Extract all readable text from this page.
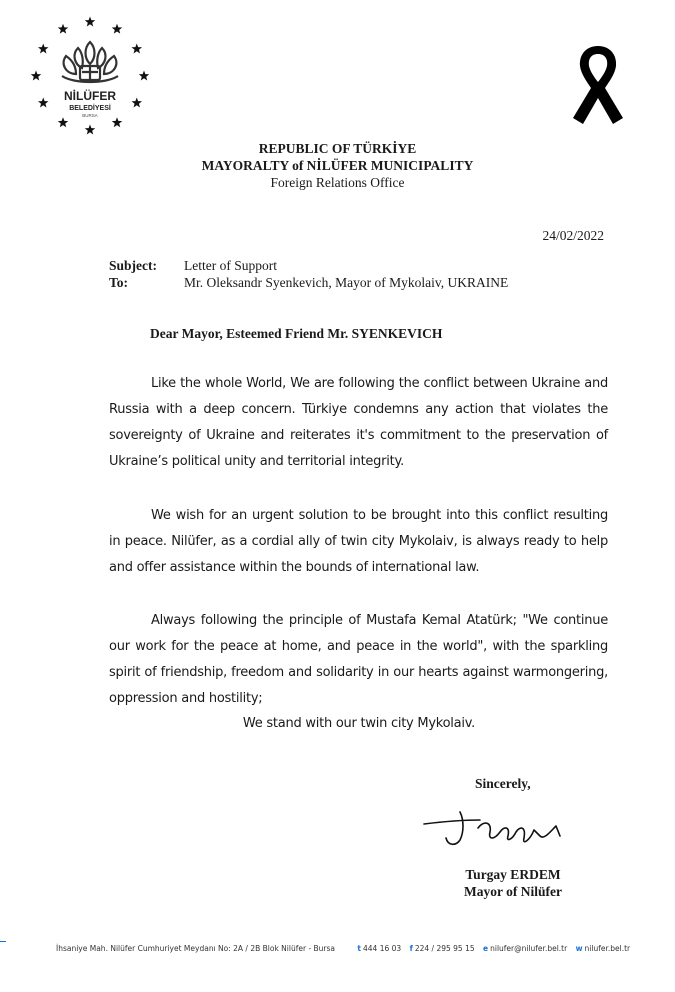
NİLÜFER
BELEDİYESİ
BURSA
REPUBLIC OF TÜRKİYE
MAYORALTY of NİLÜFER MUNICIPALITY
Foreign Relations Office
24/02/2022
Subject: Letter of Support
To:	Mr. Oleksandr Syenkevich, Mayor of Mykolaiv, UKRAINE
Dear Mayor, Esteemed Friend Mr. SYENKEVICH

Like the whole World, We are following the conflict between Ukraine and Russia with a deep concern. Türkiye condemns any action that violates the sovereignty of Ukraine and reiterates it's commitment to the preservation of Ukraine’s political unity and territorial integrity.

We wish for an urgent solution to be brought into this conflict resulting in peace. Nilüfer, as a cordial ally of twin city Mykolaiv, is always ready to help and offer assistance within the bounds of international law.

Always following the principle of Mustafa Kemal Atatürk; "We continue our work for the peace at home, and peace in the world", with the sparkling spirit of friendship, freedom and solidarity in our hearts against warmongering, oppression and hostility;

We stand with our twin city Mykolaiv.
Sincerely,
Turgay ERDEM
Mayor of Nilüfer
İhsaniye Mah. Nilüfer Cumhuriyet Meydanı No: 2A / 2B Blok Nilüfer - Bursa	t 444 16 03 f 224 / 295 95 15 e nilufer@nilufer.bel.tr w nilufer.bel.tr
